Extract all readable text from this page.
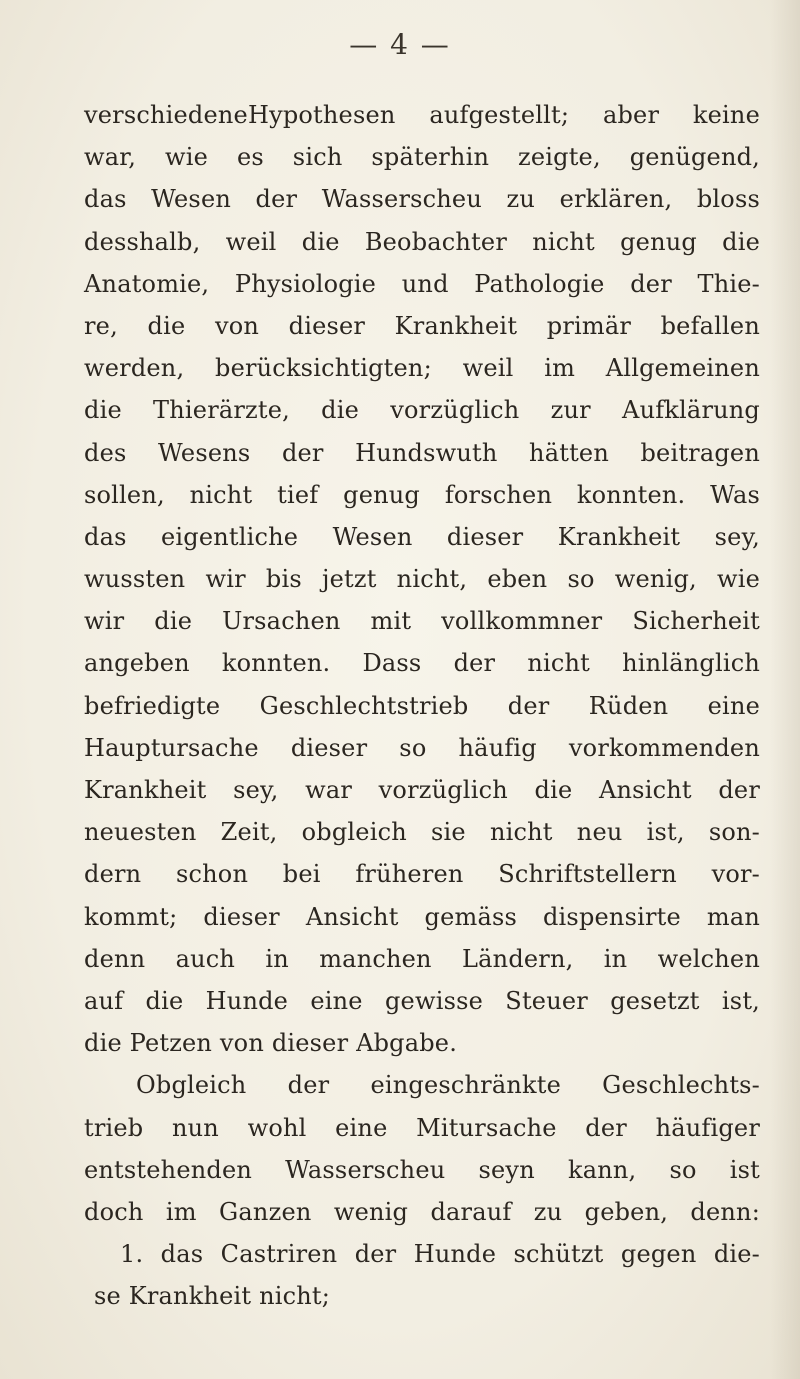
— 4 —
verschiedeneHypothesen aufgestellt; aber keine
war, wie es sich späterhin zeigte, genügend,
das Wesen der Wasserscheu zu erklären, bloss
desshalb, weil die Beobachter nicht genug die
Anatomie, Physiologie und Pathologie der Thie-
re, die von dieser Krankheit primär befallen
werden, berücksichtigten; weil im Allgemeinen
die Thierärzte, die vorzüglich zur Aufklärung
des Wesens der Hundswuth hätten beitragen
sollen, nicht tief genug forschen konnten. Was
das eigentliche Wesen dieser Krankheit sey,
wussten wir bis jetzt nicht, eben so wenig, wie
wir die Ursachen mit vollkommner Sicherheit
angeben konnten. Dass der nicht hinlänglich
befriedigte Geschlechtstrieb der Rüden eine
Hauptursache dieser so häufig vorkommenden
Krankheit sey, war vorzüglich die Ansicht der
neuesten Zeit, obgleich sie nicht neu ist, son-
dern schon bei früheren Schriftstellern vor-
kommt; dieser Ansicht gemäss dispensirte man
denn auch in manchen Ländern, in welchen
auf die Hunde eine gewisse Steuer gesetzt ist,
die Petzen von dieser Abgabe.
Obgleich der eingeschränkte Geschlechts-
trieb nun wohl eine Mitursache der häufiger
entstehenden Wasserscheu seyn kann, so ist
doch im Ganzen wenig darauf zu geben, denn:
1. das Castriren der Hunde schützt gegen die-
se Krankheit nicht;
